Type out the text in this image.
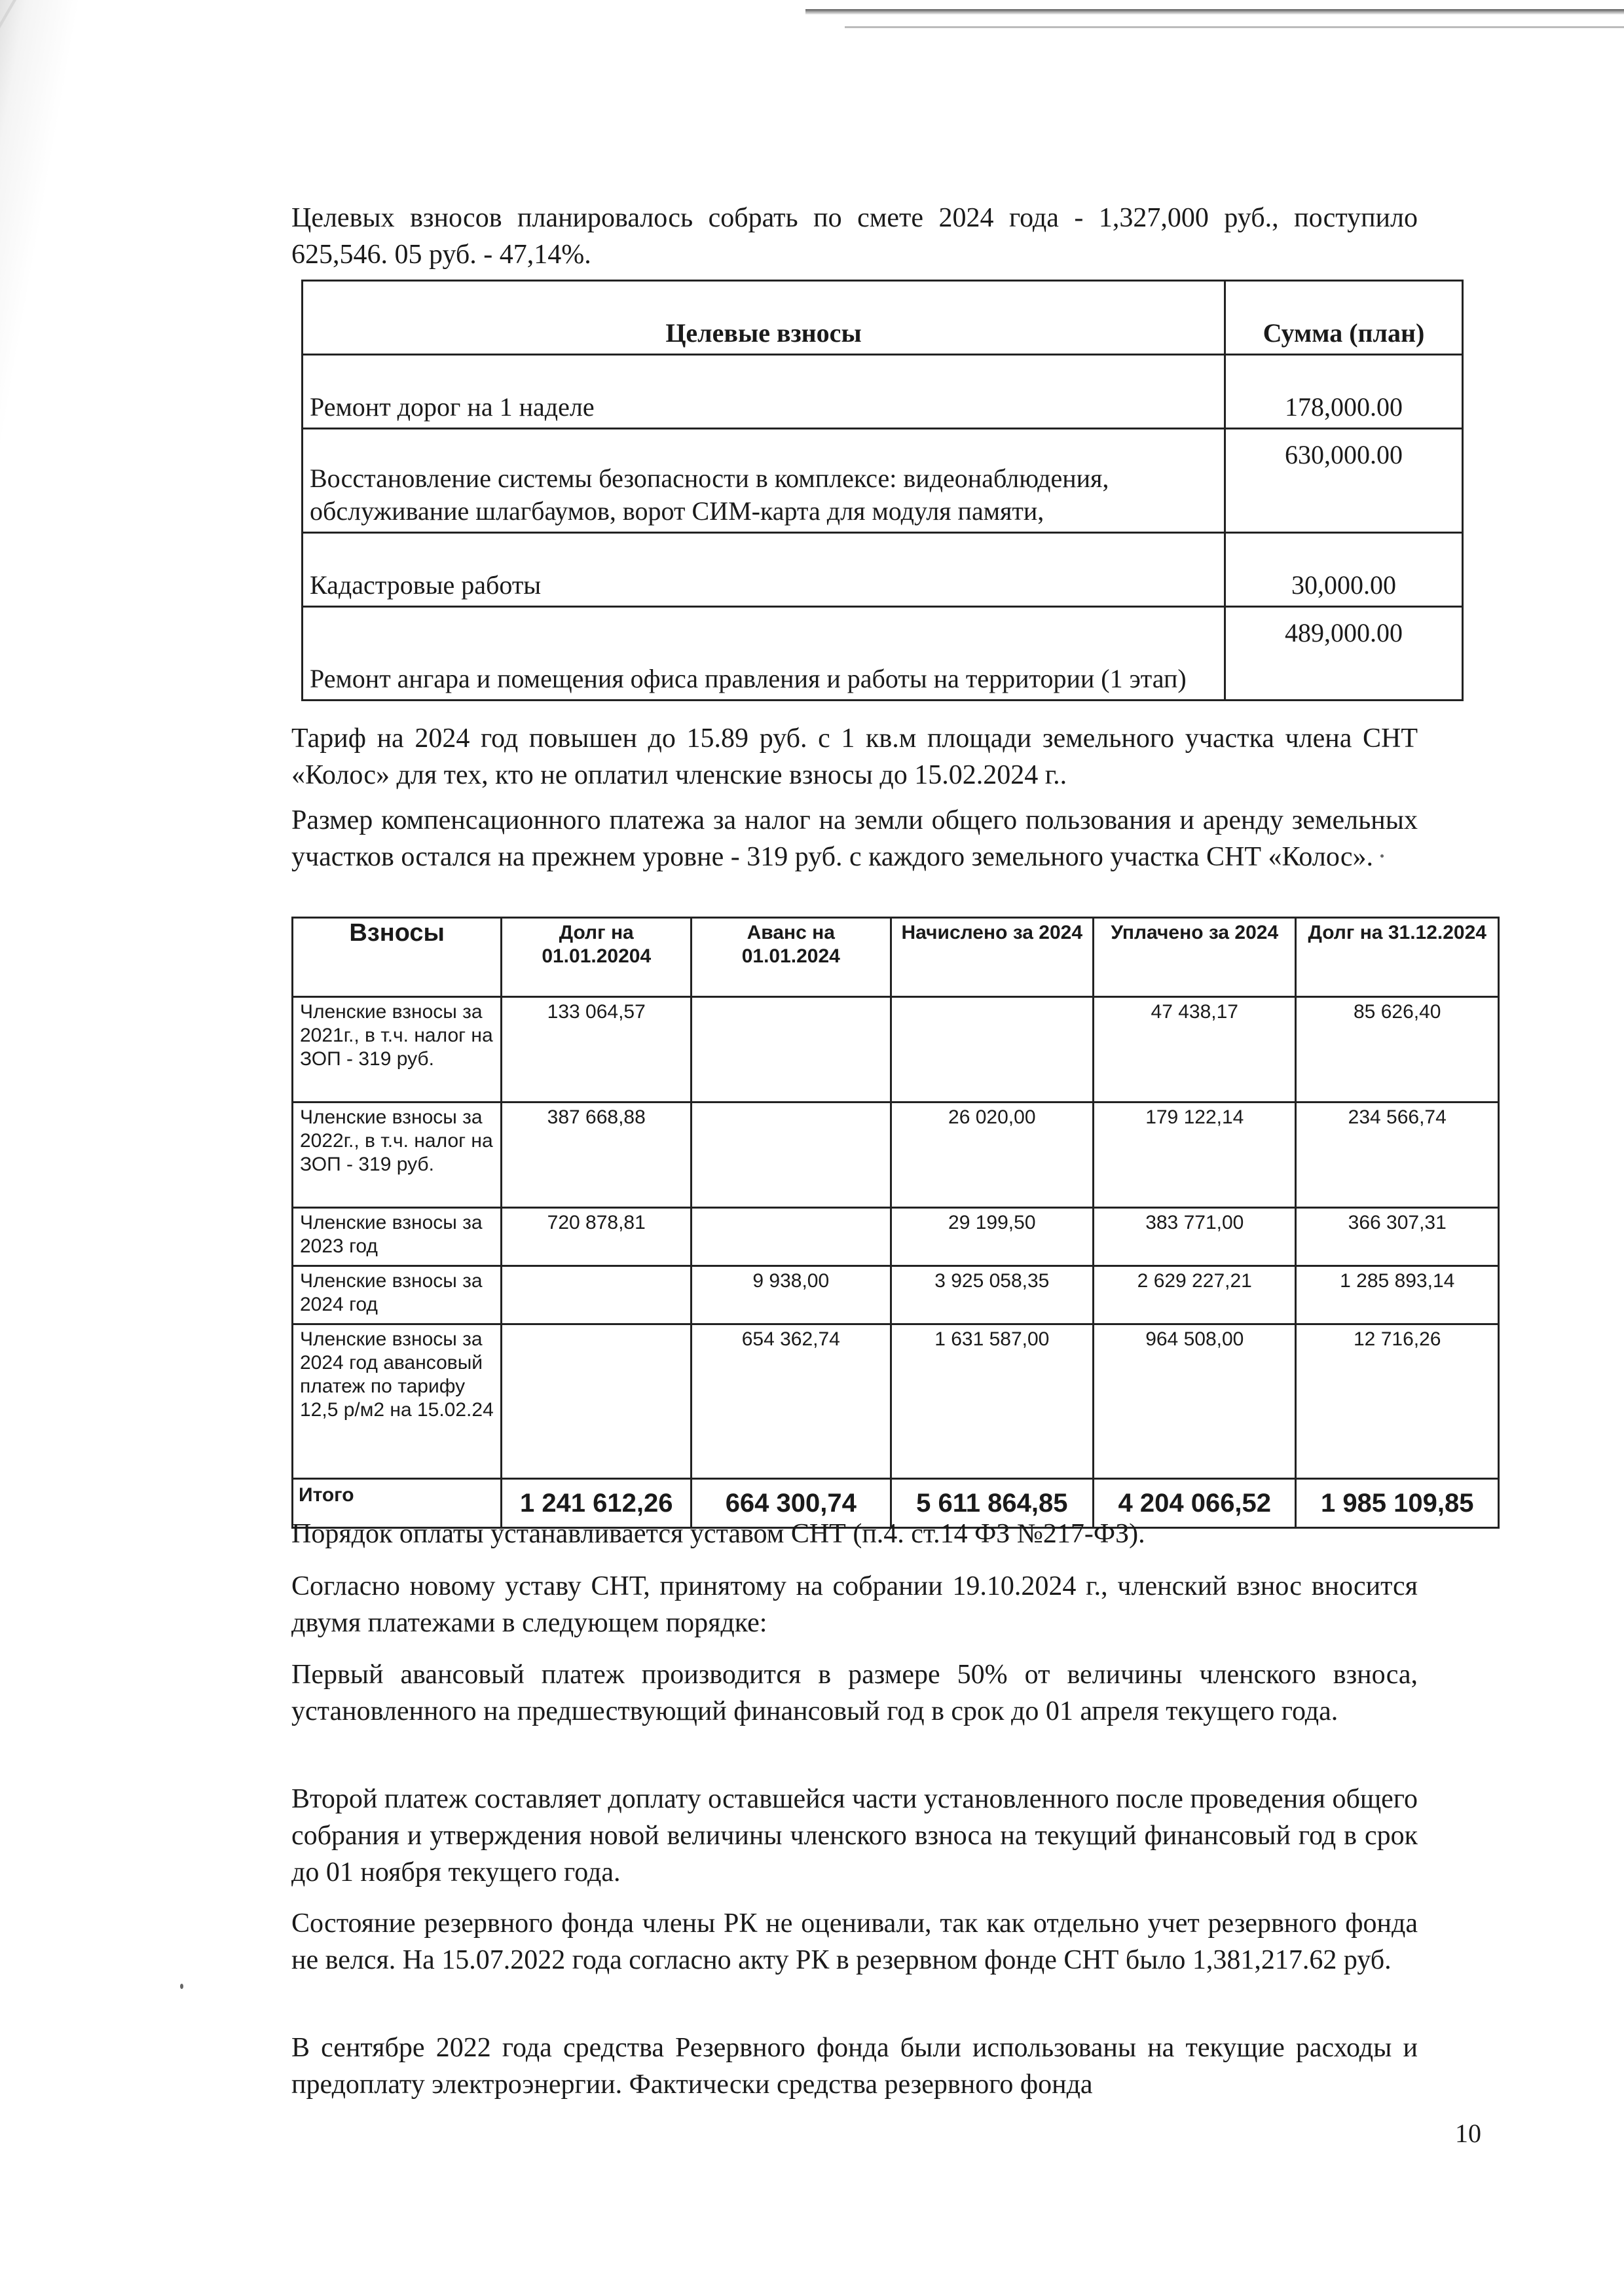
Целевых взносов планировалось собрать по смете 2024 года - 1,327,000 руб., поступило 625,546. 05 руб. - 47,14%.
Целевые взносы	Сумма (план)
Ремонт дорог на 1 наделе	178,000.00
Восстановление системы безопасности в комплексе: видеонаблюдения, обслуживание шлагбаумов, ворот СИМ-карта для модуля памяти,	630,000.00
Кадастровые работы	30,000.00
Ремонт ангара и помещения офиса правления и работы на территории (1 этап)	489,000.00
Тариф на 2024 год повышен до 15.89 руб. с 1 кв.м площади земельного участка члена СНТ «Колос» для тех, кто не оплатил членские взносы до 15.02.2024 г..
Размер компенсационного платежа за налог на земли общего пользования и аренду земельных участков остался на прежнем уровне - 319 руб. с каждого земельного участка СНТ «Колос».
Взносы	Долг на 01.01.20204	Аванс на 01.01.2024	Начислено за 2024	Уплачено за 2024	Долг на 31.12.2024
Членские взносы за 2021г., в т.ч. налог на ЗОП - 319 руб.	133 064,57			47 438,17	85 626,40
Членские взносы за 2022г., в т.ч. налог на ЗОП - 319 руб.	387 668,88		26 020,00	179 122,14	234 566,74
Членские взносы за 2023 год	720 878,81		29 199,50	383 771,00	366 307,31
Членские взносы за 2024 год		9 938,00	3 925 058,35	2 629 227,21	1 285 893,14
Членские взносы за 2024 год авансовый платеж по тарифу 12,5 р/м2 на 15.02.24		654 362,74	1 631 587,00	964 508,00	12 716,26
Итого	1 241 612,26	664 300,74	5 611 864,85	4 204 066,52	1 985 109,85
Порядок оплаты устанавливается уставом СНТ (п.4. ст.14 ФЗ №217-ФЗ).
Согласно новому уставу СНТ, принятому на собрании 19.10.2024 г., членский взнос вносится двумя платежами в следующем порядке:
Первый авансовый платеж производится в размере 50% от величины членского взноса, установленного на предшествующий финансовый год в срок до 01 апреля текущего года.
Второй платеж составляет доплату оставшейся части установленного после проведения общего собрания и утверждения новой величины членского взноса на текущий финансовый год в срок до 01 ноября текущего года.
Состояние резервного фонда члены РК не оценивали, так как отдельно учет резервного фонда не велся. На 15.07.2022 года согласно акту РК в резервном фонде СНТ было 1,381,217.62 руб.
В сентябре 2022 года средства Резервного фонда были использованы на текущие расходы и предоплату электроэнергии. Фактически средства резервного фонда
10
